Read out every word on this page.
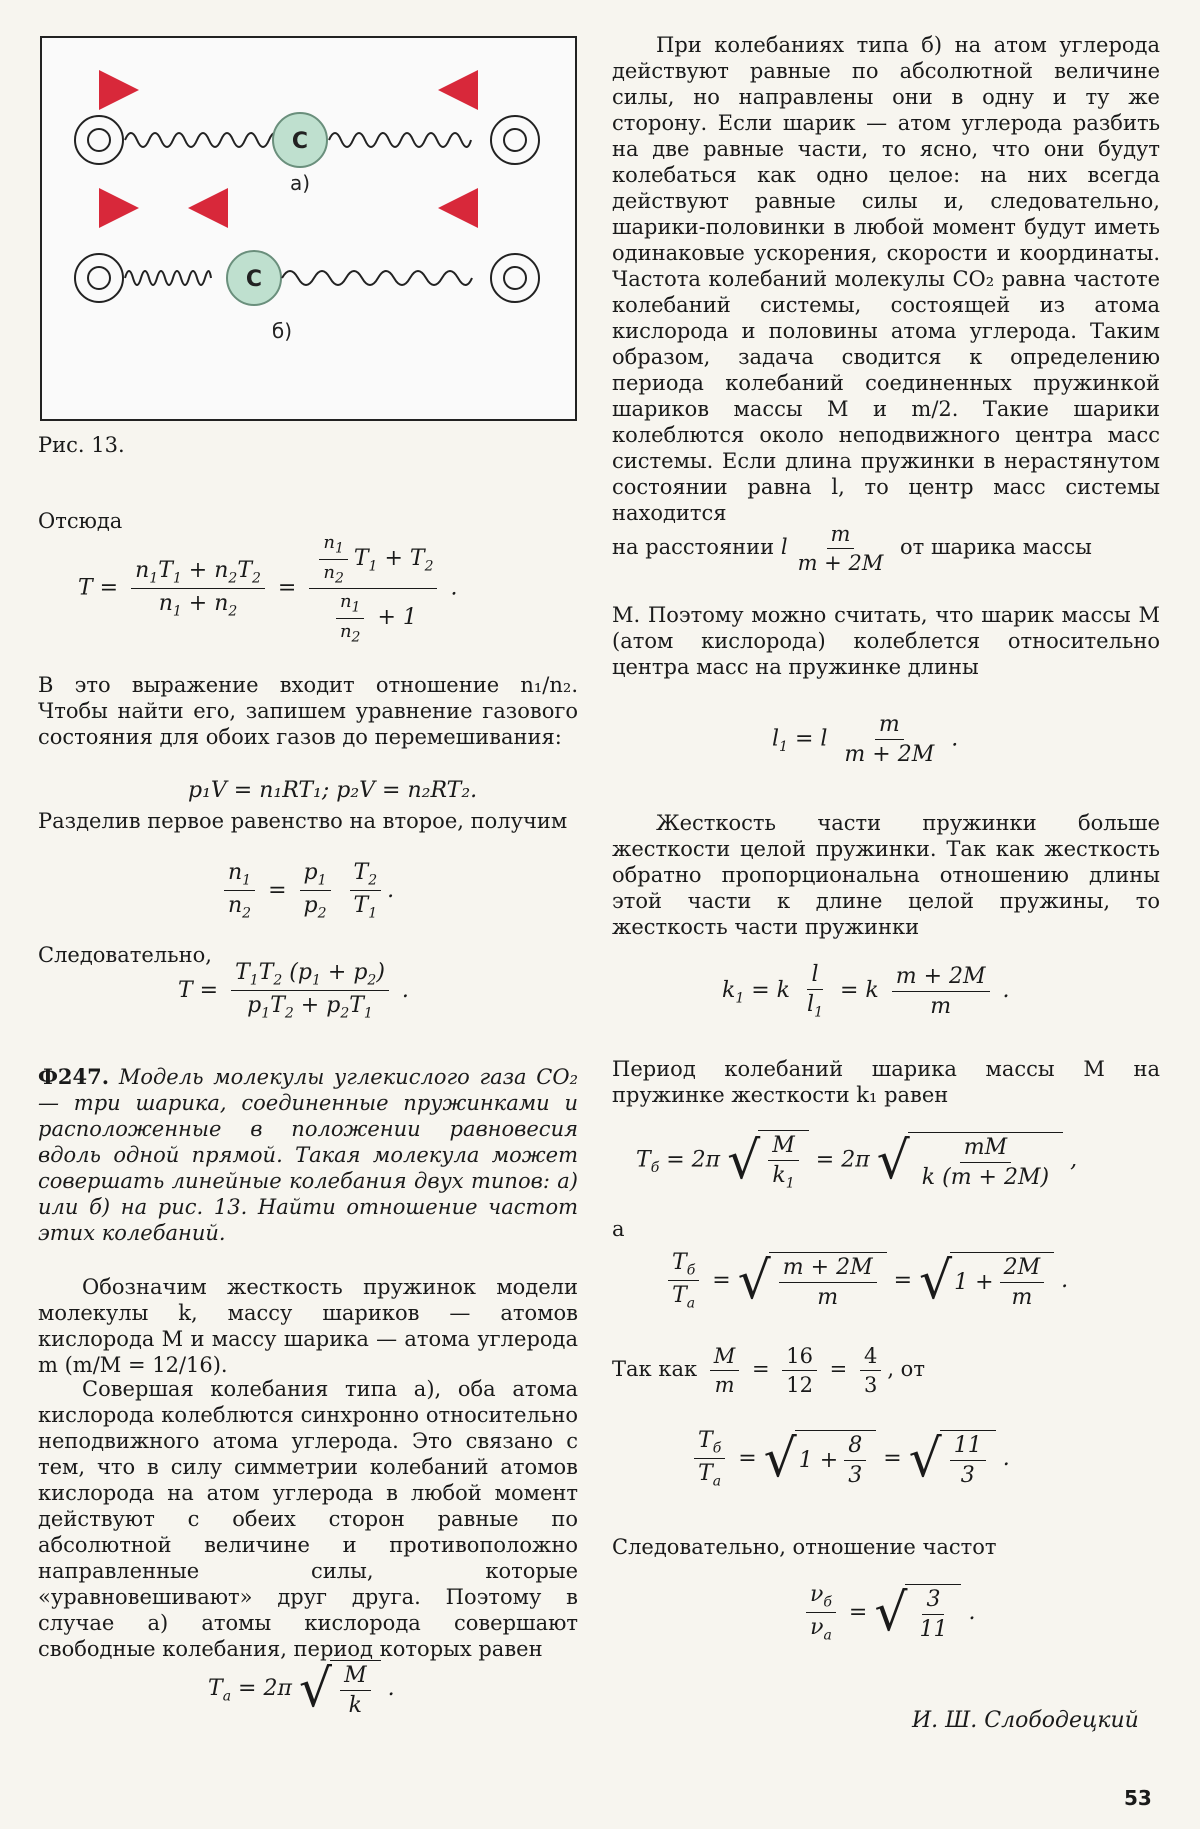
C
а)
C
б)
Рис. 13.
Отсюда
$T = \frac{n_1T_1 + n_2T_2}{n_1 + n_2} = \frac{\frac{n_1}{n_2} T_1 + T_2}{\frac{n_1}{n_2} + 1}$ .
В это выражение входит отношение n₁/n₂. Чтобы найти его, запишем уравнение газового состояния для обоих газов до перемешивания:
p₁V = n₁RT₁; p₂V = n₂RT₂.
Разделив первое равенство на второе, получим
$\frac{n_1}{n_2} = \frac{p_1}{p_2}$
$\frac{T_2}{T_1}$ .
Следовательно,
$T = \frac{T_1T_2 (p_1 + p_2)}{p_1T_2 + p_2T_1}$ .
Ф247. Модель молекулы углекислого газа CO₂ — три шарика, соединенные пружинками и расположенные в положении равновесия вдоль одной прямой. Такая молекула может совершать линейные колебания двух типов: а) или б) на рис. 13. Найти отношение частот этих колебаний.
Обозначим жесткость пружинок модели молекулы k, массу шариков — атомов кислорода M и массу шарика — атома углерода m (m/M = 12/16).
Совершая колебания типа а), оба атома кислорода колеблются синхронно относительно неподвижного атома углерода. Это связано с тем, что в силу симметрии колебаний атомов кислорода на атом углерода в любой момент действуют с обеих сторон равные по абсолютной величине и противоположно направленные силы, которые «уравновешивают» друг друга. Поэтому в случае а) атомы кислорода совершают свободные колебания, период которых равен
$T_a = 2\pi$ √ $\frac{M}{k}$ .
При колебаниях типа б) на атом углерода действуют равные по абсолютной величине силы, но направлены они в одну и ту же сторону. Если шарик — атом углерода разбить на две равные части, то ясно, что они будут колебаться как одно целое: на них всегда действуют равные силы и, следовательно, шарики-половинки в любой момент будут иметь одинаковые ускорения, скорости и координаты. Частота колебаний молекулы CO₂ равна частоте колебаний системы, состоящей из атома кислорода и половины атома углерода. Таким образом, задача сводится к определению периода колебаний соединенных пружинкой шариков массы M и m/2. Такие шарики колеблются около неподвижного центра масс системы. Если длина пружинки в нерастянутом состоянии равна l, то центр масс системы находится
на расстоянии l $\frac{m}{m + 2M}$ от шарика массы
M. Поэтому можно считать, что шарик массы M (атом кислорода) колеблется относительно центра масс на пружинке длины
$l_1 = l \frac{m}{m + 2M}$ .
Жесткость части пружинки больше жесткости целой пружинки. Так как жесткость обратно пропорциональна отношению длины этой части к длине целой пружины, то жесткость части пружинки
$k_1 = k \frac{l}{l_1} = k \frac{m + 2M}{m}$ .
Период колебаний шарика массы M на пружинке жесткости k₁ равен
$T_б = 2\pi$ √ $\frac{M}{k_1} = 2\pi$ √ $\frac{mM}{k (m + 2M)}$ ,
а
$\frac{T_б}{T_a}$ = √ $\frac{m + 2M}{m}$ = √ $1 + \frac{2M}{m}$ .
Так как $\frac{M}{m} = \frac{16}{12} = \frac{4}{3}$ , от
$\frac{T_б}{T_a}$ = √ $1 + \frac{8}{3}$ = √ $\frac{11}{3}$ .
Следовательно, отношение частот
$\frac{\nu_б}{\nu_a}$ = √ $\frac{3}{11}$ .
И. Ш. Слободецкий
53
